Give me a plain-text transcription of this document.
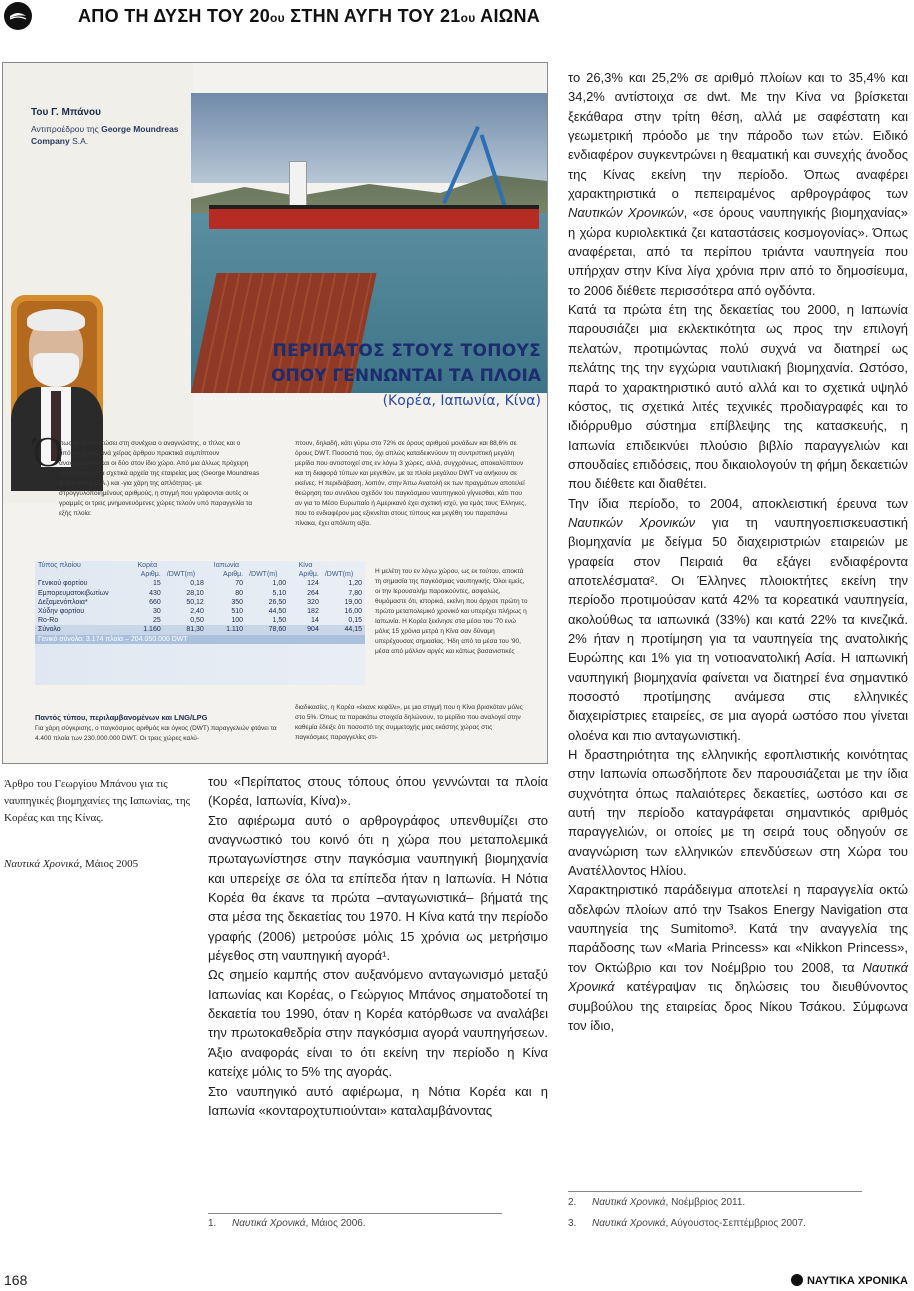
ΑΠΟ ΤΗ ΔΥΣΗ ΤΟΥ 20ου ΣΤΗΝ ΑΥΓΗ ΤΟΥ 21ου ΑΙΩΝΑ
Του Γ. Μπάνου
Αντιπροέδρου της George Moundreas Company S.A.
ΠΕΡΙΠΑΤΟΣ ΣΤΟΥΣ ΤΟΠΟΥΣ
ΟΠΟΥ ΓΕΝΝΩΝΤΑΙ ΤΑ ΠΛΟΙΑ
(Κορέα, Ιαπωνία, Κίνα)
Ό
πως θα διαπιστώσει στη συνέχεια ο αναγνώστης, ο τίτλος και ο υπότιτλος του ανά χείρας άρθρου πρακτικά συμπίπτουν αναφερόμενοι και οι δύο στον ίδιο χώρο. Από μια άλλως πρόχειρη αναφόρηση στα σχετικά αρχεία της εταιρείας μας (George Moundreas & Company S.A.) και -για χάρη της απλότητας- με στρογγυλοποιημένους αριθμούς, η στιγμή που γράφονται αυτές οι γραμμές οι τρεις μνημονευόμενες χώρες τελούν υπό παραγγελία τα εξής πλοία:
πτουν, δηλαδή, κάτι γύρω στο 72% σε όρους αριθμού μονάδων και 88,6% σε όρους DWT. Ποσοστά που, όχι απλώς καταδεικνύουν τη συντριπτική μεγάλη μερίδα που αντιστοιχεί στις εν λόγω 3 χώρες, αλλά, συγχρόνως, αποκαλύπτουν και τη διαφορά τύπων και μεγεθών, με τα πλοία μεγάλου DWT να ανήκουν σε εκείνες. Η περιδιάβαση, λοιπόν, στην Άπω Ανατολή εκ των πραγμάτων αποτελεί θεώρηση του συνόλου σχεδόν του παγκόσμιου ναυπηγικού γίγνεσθαι, κάτι που αν για το Μέσο Ευρωπαίο ή Αμερικανό έχει σχετική ισχύ, για εμάς τους Έλληνες, που το ενδιαφέρον μας εξικνείται στους τύπους και μεγέθη του παραπάνω πίνακα, έχει απόλυτη αξία.
Η μελέτη του εν λόγω χώρου, ως εκ τούτου, αποκτά τη σημασία της παγκόσμιας ναυπηγικής. Όλοι εμείς, οι την Ιερουσαλήμ παροικούντες, ασφαλώς, θυμόμαστε ότι, ιστορικά, εκείνη που άρχισε πρώτη το πρώτο μεταπολεμικό χρονικό και υπερέχει πλήρως η Ιαπωνία. Η Κορέα ξεκίνησε στα μέσα του '70 ενώ μόλις 15 χρόνια μετρά η Κίνα σαν δύναμη υπερέχουσας σημασίας. Ήδη από τα μέσα του '90, μέσα από μόλλον αργές και κάπως βασανιστικές
Τύπος πλοίου	Κορέα		Ιαπωνία		Κίνα	
	Αριθμ.	/DWT(m)	Αριθμ.	/DWT(m)	Αριθμ.	/DWT(m)
Γενικού φορτίου	15	0,18	70	1,00	124	1,20
Εμπορευματοκιβωτίων	430	28,10	80	5,10	264	7,80
Δεξαμενόπλοια*	660	50,12	350	26,50	320	19,00
Χύδην φορτίου	30	2,40	510	44,50	182	16,00
Ro-Ro	25	0,50	100	1,50	14	0,15
Σύνολο	1.160	81,30	1.110	78,60	904	44,15
Γενικό σύνολο: 3.174 πλοία – 204.050.000 DWT						
Παντός τύπου, περιλαμβανομένων και LNG/LPG
Για χάρη σύγκρισης, ο παγκόσμιος αριθμός και όγκος (DWT) παραγγελιών φτάνει τα 4.400 πλοία των 230.000.000 DWT. Οι τρεις χώρες καλύ-
διαδικασίες, η Κορέα «έκανε κεφάλι», με μια στιγμή που η Κίνα βρισκόταν μόλις στο 5%. Όπως τα παρακάτω στοιχεία δηλώνουν, το μερίδιο που αναλογεί στην καθεμία έδειξε ότι ποσοστό της συμμετοχής μιας εκάστης χώρας στις παγκόσμιες παραγγελίες στι-
Άρθρο του Γεωργίου Μπάνου για τις ναυπηγικές βιομηχανίες της Ιαπωνίας, της Κορέας και της Κίνας.
Ναυτικά Χρονικά, Μάιος 2005

του «Περίπατος στους τόπους όπου γεννώνται τα πλοία (Κορέα, Ιαπωνία, Κίνα)».

Στο αφιέρωμα αυτό ο αρθρογράφος υπενθυμίζει στο αναγνωστικό του κοινό ότι η χώρα που μεταπολεμικά πρωταγωνίστησε στην παγκόσμια ναυπηγική βιομηχανία και υπερείχε σε όλα τα επίπεδα ήταν η Ιαπωνία. Η Νότια Κορέα θα έκανε τα πρώτα –ανταγωνιστικά– βήματά της στα μέσα της δεκαετίας του 1970. Η Κίνα κατά την περίοδο γραφής (2006) μετρούσε μόλις 15 χρόνια ως μετρήσιμο μέγεθος στη ναυπηγική αγορά¹.

Ως σημείο καμπής στον αυξανόμενο ανταγωνισμό μεταξύ Ιαπωνίας και Κορέας, ο Γεώργιος Μπάνος σηματοδοτεί τη δεκαετία του 1990, όταν η Κορέα κατόρθωσε να αναλάβει την πρωτοκαθεδρία στην παγκόσμια αγορά ναυπηγήσεων. Άξιο αναφοράς είναι το ότι εκείνη την περίοδο η Κίνα κατείχε μόλις το 5% της αγοράς.

Στο ναυπηγικό αυτό αφιέρωμα, η Νότια Κορέα και η Ιαπωνία «κονταροχτυπιούνται» καταλαμβάνοντας

το 26,3% και 25,2% σε αριθμό πλοίων και το 35,4% και 34,2% αντίστοιχα σε dwt. Με την Κίνα να βρίσκεται ξεκάθαρα στην τρίτη θέση, αλλά με σαφέστατη και γεωμετρική πρόοδο με την πάροδο των ετών. Ειδικό ενδιαφέρον συγκεντρώνει η θεαματική και συνεχής άνοδος της Κίνας εκείνη την περίοδο. Όπως αναφέρει χαρακτηριστικά ο πεπειραμένος αρθρογράφος των Ναυτικών Χρονικών, «σε όρους ναυπηγικής βιομηχανίας» η χώρα κυριολεκτικά ζει καταστάσεις κοσμογονίας». Όπως αναφέρεται, από τα περίπου τριάντα ναυπηγεία που υπήρχαν στην Κίνα λίγα χρόνια πριν από το δημοσίευμα, το 2006 διέθετε περισσότερα από ογδόντα.

Κατά τα πρώτα έτη της δεκαετίας του 2000, η Ιαπωνία παρουσιάζει μια εκλεκτικότητα ως προς την επιλογή πελατών, προτιμώντας πολύ συχνά να διατηρεί ως πελάτης της την εγχώρια ναυτιλιακή βιομηχανία. Ωστόσο, παρά το χαρακτηριστικό αυτό αλλά και το σχετικά υψηλό κόστος, τις σχετικά λιτές τεχνικές προδιαγραφές και το ιδιόρρυθμο σύστημα επίβλεψης της κατασκευής, η Ιαπωνία επιδεικνύει πλούσιο βιβλίο παραγγελιών και σπουδαίες επιδόσεις, που δικαιολογούν τη φήμη δεκαετιών που διέθετε και διαθέτει.

Την ίδια περίοδο, το 2004, αποκλειστική έρευνα των Ναυτικών Χρονικών για τη ναυπηγοεπισκευαστική βιομηχανία με δείγμα 50 διαχειριστριών εταιρειών με γραφεία στον Πειραιά θα εξάγει ενδιαφέροντα αποτελέσματα². Οι Έλληνες πλοιοκτήτες εκείνη την περίοδο προτιμούσαν κατά 42% τα κορεατικά ναυπηγεία, ακολούθως τα ιαπωνικά (33%) και κατά 22% τα κινεζικά. 2% ήταν η προτίμηση για τα ναυπηγεία της ανατολικής Ευρώπης και 1% για τη νοτιοανατολική Ασία. Η ιαπωνική ναυπηγική βιομηχανία φαίνεται να διατηρεί ένα σημαντικό ποσοστό προτίμησης ανάμεσα στις ελληνικές διαχειρίστριες εταιρείες, σε μια αγορά ωστόσο που γίνεται ολοένα και πιο ανταγωνιστική.

Η δραστηριότητα της ελληνικής εφοπλιστικής κοινότητας στην Ιαπωνία οπωσδήποτε δεν παρουσιάζεται με την ίδια συχνότητα όπως παλαιότερες δεκαετίες, ωστόσο και σε αυτή την περίοδο καταγράφεται σημαντικός αριθμός παραγγελιών, οι οποίες με τη σειρά τους οδηγούν σε αναγνώριση των ελληνικών επενδύσεων στη Χώρα του Ανατέλλοντος Ηλίου.

Χαρακτηριστικό παράδειγμα αποτελεί η παραγγελία οκτώ αδελφών πλοίων από την Tsakos Energy Navigation στα ναυπηγεία της Sumitomo³. Κατά την αναγγελία της παράδοσης των «Maria Princess» και «Nikkon Princess», τον Οκτώβριο και τον Νοέμβριο του 2008, τα Ναυτικά Χρονικά κατέγραψαν τις δηλώσεις του διευθύνοντος συμβούλου της εταιρείας δρος Νίκου Τσάκου. Σύμφωνα τον ίδιο,

1. Ναυτικά Χρονικά, Μάιος 2006.
2. Ναυτικά Χρονικά, Νοέμβριος 2011.
3. Ναυτικά Χρονικά, Αύγουστος-Σεπτέμβριος 2007.
168	ΝΑΥΤΙΚΑ ΧΡΟΝΙΚΑ
